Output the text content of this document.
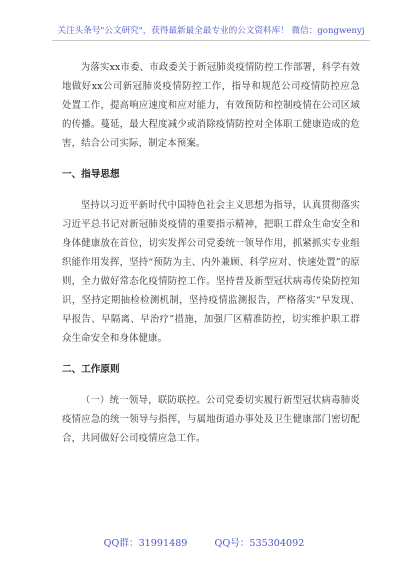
关注头条号"公文研究"，获得最新最全最专业的公文资料库！ 微信：gongwenyj

为落实xx市委、市政委关于新冠肺炎疫情防控工作部署，科学有效地做好xx公司新冠肺炎疫情防控工作，指导和规范公司疫情防控应急处置工作，提高响应速度和应对能力，有效预防和控制疫情在公司区域的传播。蔓延，最大程度减少或消除疫情防控对全体职工健康造成的危害，结合公司实际，制定本预案。

一、指导思想

坚持以习近平新时代中国特色社会主义思想为指导，认真贯彻落实习近平总书记对新冠肺炎疫情的重要指示精神，把职工群众生命安全和身体健康放在首位，切实发挥公司党委统一领导作用，抓紧抓实专业组织能作用发挥，坚持“预防为主、内外兼顾、科学应对、快速处置”的原则，全力做好常态化疫情防控工作。坚持普及新型冠状病毒传染防控知识，坚持定期抽检检测机制，坚持疫情监测报告，严格落实“早发现、早报告、早隔离、早治疗”措施，加强厂区精准防控，切实维护职工群众生命安全和身体健康。

二、工作原则

（一）统一领导，联防联控。公司党委切实履行新型冠状病毒肺炎疫情应急的统一领导与指挥，与属地街道办事处及卫生健康部门密切配合，共同做好公司疫情应急工作。

QQ群：31991489	QQ号：535304092
